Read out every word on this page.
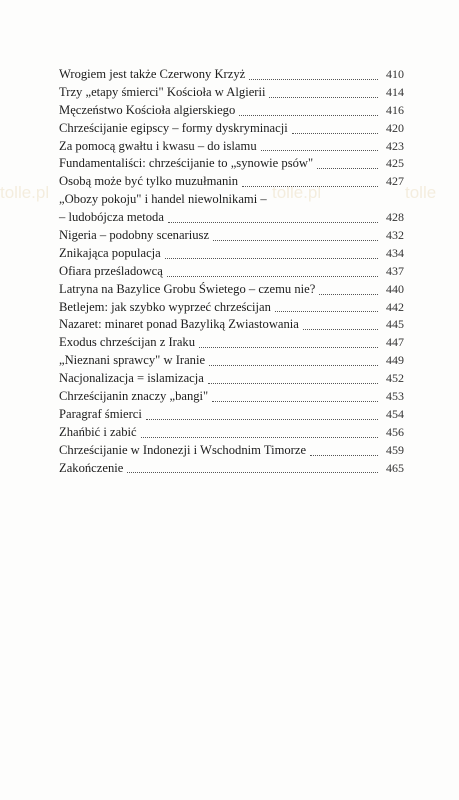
tolle.pl	tolle.pl	tolle
Wrogiem jest także Czerwony Krzyż	410
Trzy „etapy śmierci" Kościoła w Algierii	414
Męczeństwo Kościoła algierskiego	416
Chrześcijanie egipscy – formy dyskryminacji	420
Za pomocą gwałtu i kwasu – do islamu	423
Fundamentaliści: chrześcijanie to „synowie psów"	425
Osobą może być tylko muzułmanin	427
„Obozy pokoju" i handel niewolnikami –
– ludobójcza metoda	428
Nigeria – podobny scenariusz	432
Znikająca populacja	434
Ofiara prześladowcą	437
Latryna na Bazylice Grobu Świetego – czemu nie?	440
Betlejem: jak szybko wyprzeć chrześcijan	442
Nazaret: minaret ponad Bazyliką Zwiastowania	445
Exodus chrześcijan z Iraku	447
„Nieznani sprawcy" w Iranie	449
Nacjonalizacja = islamizacja	452
Chrześcijanin znaczy „bangi"	453
Paragraf śmierci	454
Zhańbić i zabić	456
Chrześcijanie w Indonezji i Wschodnim Timorze	459
Zakończenie	465
